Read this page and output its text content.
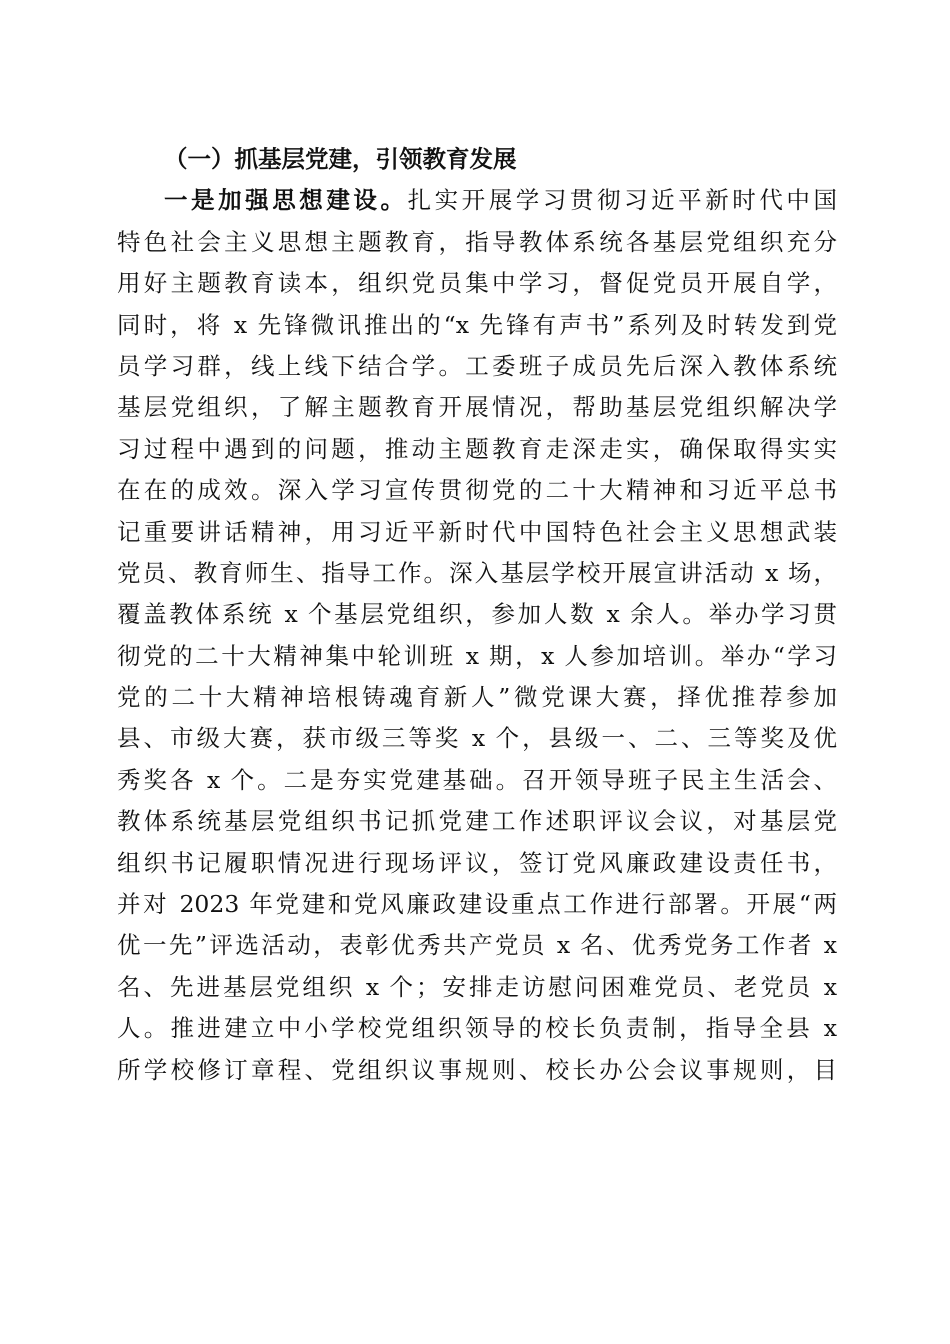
（一）抓基层党建，引领教育发展
一是加强思想建设。扎实开展学习贯彻习近平新时代中国
特色社会主义思想主题教育，指导教体系统各基层党组织充分
用好主题教育读本，组织党员集中学习，督促党员开展自学，
同时，将 x 先锋微讯推出的“x 先锋有声书”系列及时转发到党
员学习群，线上线下结合学。工委班子成员先后深入教体系统
基层党组织，了解主题教育开展情况，帮助基层党组织解决学
习过程中遇到的问题，推动主题教育走深走实，确保取得实实
在在的成效。深入学习宣传贯彻党的二十大精神和习近平总书
记重要讲话精神，用习近平新时代中国特色社会主义思想武装
党员、教育师生、指导工作。深入基层学校开展宣讲活动 x 场，
覆盖教体系统 x 个基层党组织，参加人数 x 余人。举办学习贯
彻党的二十大精神集中轮训班 x 期，x 人参加培训。举办“学习
党的二十大精神培根铸魂育新人”微党课大赛，择优推荐参加
县、市级大赛，获市级三等奖 x 个，县级一、二、三等奖及优
秀奖各 x 个。二是夯实党建基础。召开领导班子民主生活会、
教体系统基层党组织书记抓党建工作述职评议会议，对基层党
组织书记履职情况进行现场评议，签订党风廉政建设责任书，
并对 2023 年党建和党风廉政建设重点工作进行部署。开展“两
优一先”评选活动，表彰优秀共产党员 x 名、优秀党务工作者 x
名、先进基层党组织 x 个；安排走访慰问困难党员、老党员 x
人。推进建立中小学校党组织领导的校长负责制，指导全县 x
所学校修订章程、党组织议事规则、校长办公会议事规则，目
